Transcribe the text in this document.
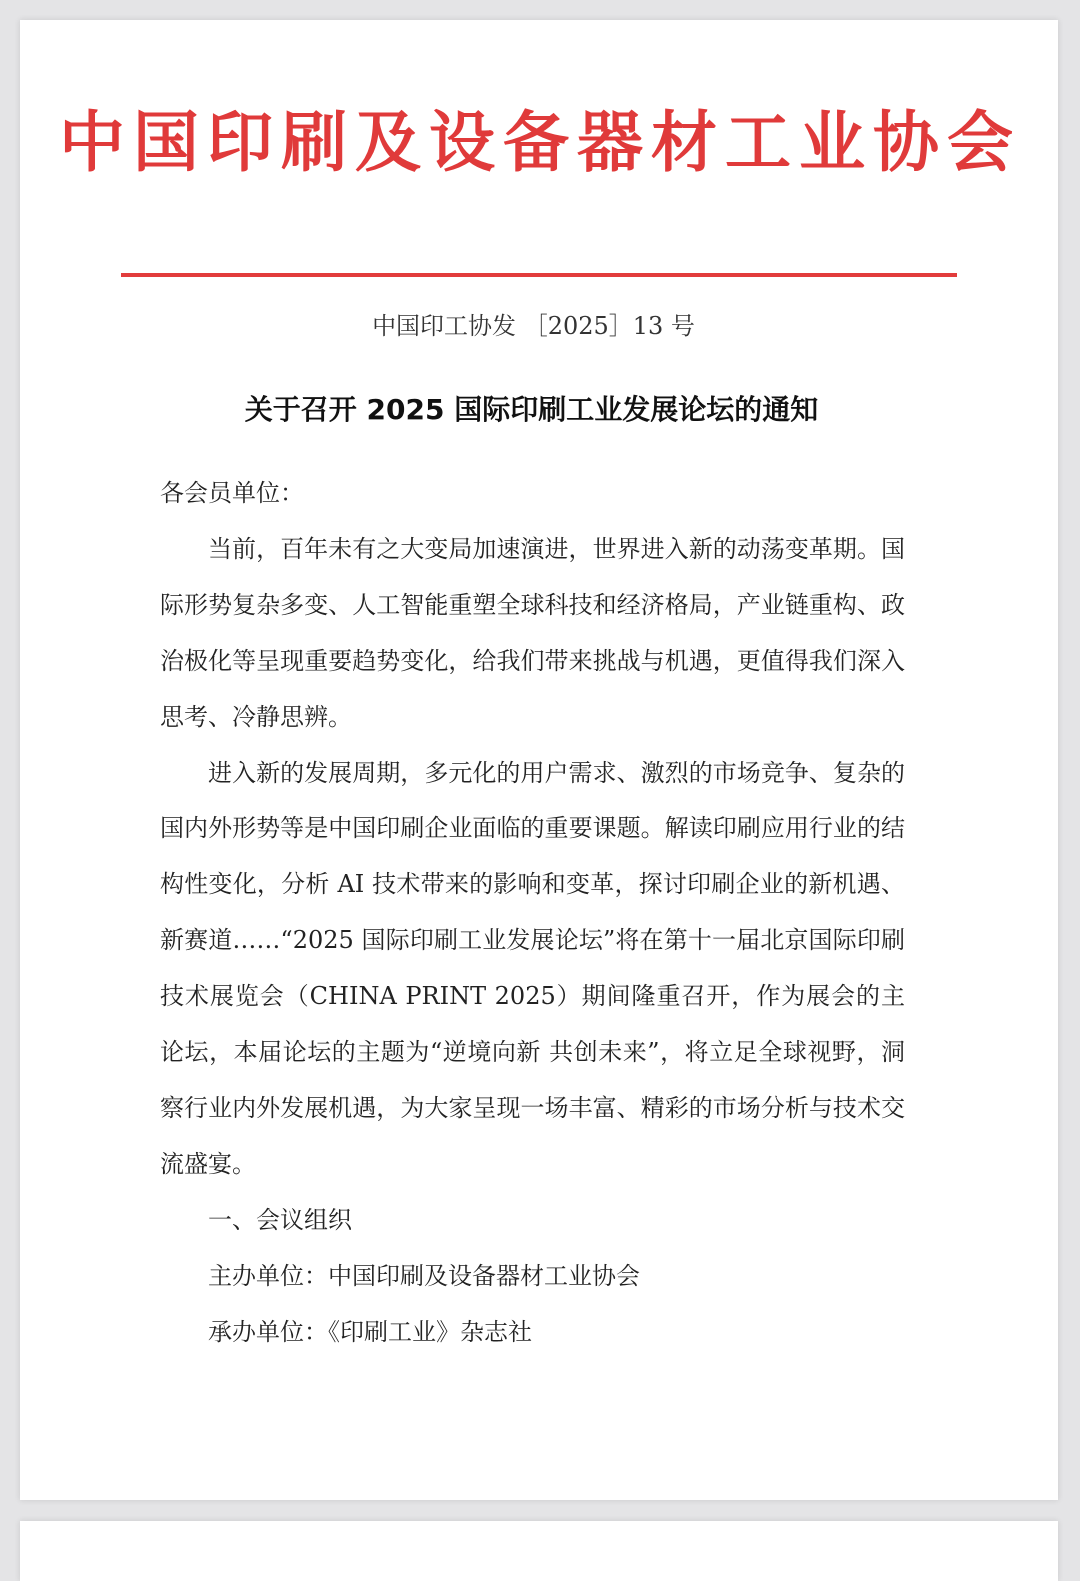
中国印刷及设备器材工业协会
中国印工协发 ［2025］13 号
关于召开 2025 国际印刷工业发展论坛的通知

各会员单位：

当前，百年未有之大变局加速演进，世界进入新的动荡变革期。国际形势复杂多变、人工智能重塑全球科技和经济格局，产业链重构、政治极化等呈现重要趋势变化，给我们带来挑战与机遇，更值得我们深入思考、冷静思辨。

进入新的发展周期，多元化的用户需求、激烈的市场竞争、复杂的国内外形势等是中国印刷企业面临的重要课题。解读印刷应用行业的结构性变化，分析 AI 技术带来的影响和变革，探讨印刷企业的新机遇、新赛道……“2025 国际印刷工业发展论坛”将在第十一届北京国际印刷技术展览会（CHINA PRINT 2025）期间隆重召开，作为展会的主论坛，本届论坛的主题为“逆境向新 共创未来”，将立足全球视野，洞察行业内外发展机遇，为大家呈现一场丰富、精彩的市场分析与技术交流盛宴。

一、会议组织

主办单位：中国印刷及设备器材工业协会

承办单位：《印刷工业》杂志社
